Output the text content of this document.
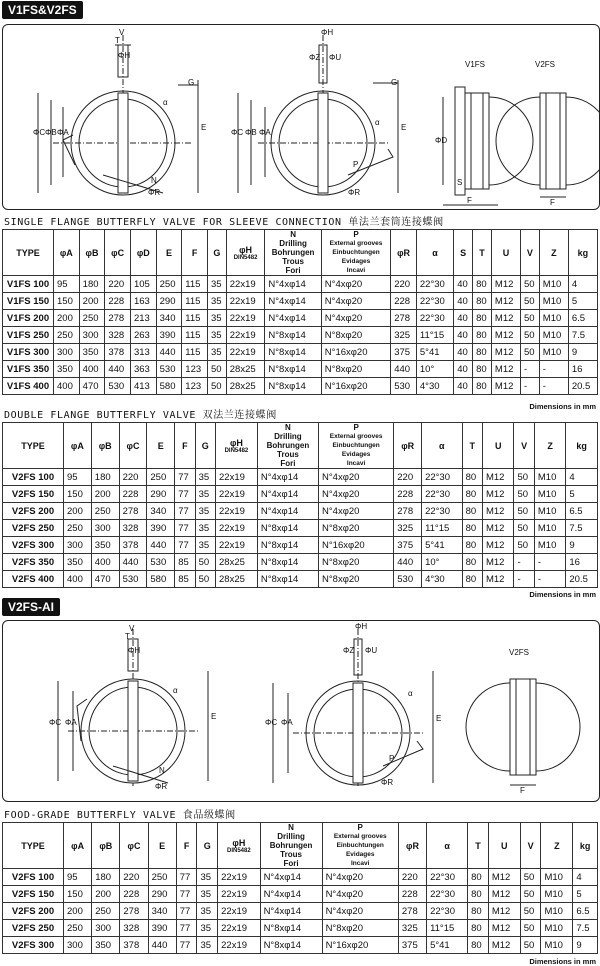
V1FS&V2FS
V
T
ΦH
G
α
ΦC ΦB ΦA
E
N
ΦR
ΦH
ΦZ ΦU
ΦC ΦB ΦA
E
G
α
P
ΦR
V1FS	V2FS
ΦD
S
F	F
SINGLE FLANGE BUTTERFLY VALVE FOR SLEEVE CONNECTION 单法兰套筒连接蝶阀
TYPE	φA	φB	φC	φD	E	F	G	φH
DIN5482	N
Drilling
Bohrungen
Trous
Fori	P
External grooves
Einbuchtungen
Evidages
Incavi	φR	α	S	T	U	V	Z	kg
V1FS 100	95	180	220	105	250	115	35	22x19	N°4xφ14	N°4xφ20	220	22°30	40	80	M12	50	M10	4
V1FS 150	150	200	228	163	290	115	35	22x19	N°4xφ14	N°4xφ20	228	22°30	40	80	M12	50	M10	5
V1FS 200	200	250	278	213	340	115	35	22x19	N°4xφ14	N°4xφ20	278	22°30	40	80	M12	50	M10	6.5
V1FS 250	250	300	328	263	390	115	35	22x19	N°8xφ14	N°8xφ20	325	11°15	40	80	M12	50	M10	7.5
V1FS 300	300	350	378	313	440	115	35	22x19	N°8xφ14	N°16xφ20	375	5°41	40	80	M12	50	M10	9
V1FS 350	350	400	440	363	530	123	50	28x25	N°8xφ14	N°8xφ20	440	10°	40	80	M12	-	-	16
V1FS 400	400	470	530	413	580	123	50	28x25	N°8xφ14	N°16xφ20	530	4°30	40	80	M12	-	-	20.5
Dimensions in mm
DOUBLE FLANGE BUTTERFLY VALVE 双法兰连接蝶阀
TYPE	φA	φB	φC	E	F	G	φH
DIN5482	N
Drilling
Bohrungen
Trous
Fori	P
External grooves
Einbuchtungen
Evidages
Incavi	φR	α	T	U	V	Z	kg
V2FS 100	95	180	220	250	77	35	22x19	N°4xφ14	N°4xφ20	220	22°30	80	M12	50	M10	4
V2FS 150	150	200	228	290	77	35	22x19	N°4xφ14	N°4xφ20	228	22°30	80	M12	50	M10	5
V2FS 200	200	250	278	340	77	35	22x19	N°4xφ14	N°4xφ20	278	22°30	80	M12	50	M10	6.5
V2FS 250	250	300	328	390	77	35	22x19	N°8xφ14	N°8xφ20	325	11°15	80	M12	50	M10	7.5
V2FS 300	300	350	378	440	77	35	22x19	N°8xφ14	N°16xφ20	375	5°41	80	M12	50	M10	9
V2FS 350	350	400	440	530	85	50	28x25	N°8xφ14	N°8xφ20	440	10°	80	M12	-	-	16
V2FS 400	400	470	530	580	85	50	28x25	N°8xφ14	N°8xφ20	530	4°30	80	M12	-	-	20.5
Dimensions in mm
V2FS-AI
V
T
ΦH
α
ΦC ΦA
E
N
ΦR
ΦH
ΦZ ΦU
ΦC ΦA	E
α
P
ΦR
V2FS
F
FOOD-GRADE BUTTERFLY VALVE 食品级蝶阀
TYPE	φA	φB	φC	E	F	G	φH
DIN5482	N
Drilling
Bohrungen
Trous
Fori	P
External grooves
Einbuchtungen
Evidages
Incavi	φR	α	T	U	V	Z	kg
V2FS 100	95	180	220	250	77	35	22x19	N°4xφ14	N°4xφ20	220	22°30	80	M12	50	M10	4
V2FS 150	150	200	228	290	77	35	22x19	N°4xφ14	N°4xφ20	228	22°30	80	M12	50	M10	5
V2FS 200	200	250	278	340	77	35	22x19	N°4xφ14	N°4xφ20	278	22°30	80	M12	50	M10	6.5
V2FS 250	250	300	328	390	77	35	22x19	N°8xφ14	N°8xφ20	325	11°15	80	M12	50	M10	7.5
V2FS 300	300	350	378	440	77	35	22x19	N°8xφ14	N°16xφ20	375	5°41	80	M12	50	M10	9
Dimensions in mm
